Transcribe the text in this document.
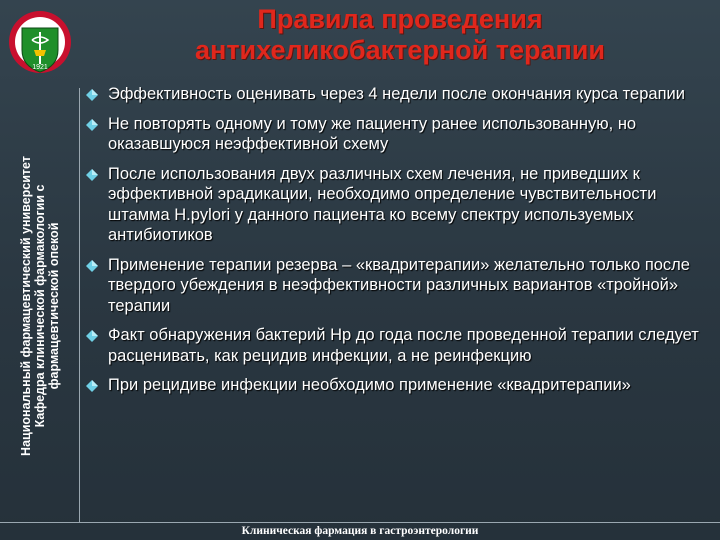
1921
Национальный фармацевтический университет Кафедра клинической фармакологии с фармацевтической опекой
Правила проведения
антихеликобактерной терапии
Эффективность оценивать через 4 недели после окончания курса терапии
Не повторять одному и тому же пациенту ранее использованную, но оказавшуюся неэффективной схему
После использования двух различных схем лечения, не приведших к эффективной эрадикации, необходимо определение чувствительности штамма H.pylori у данного пациента ко всему спектру используемых антибиотиков
Применение терапии резерва – «квадритерапии» желательно только после твердого убеждения в неэффективности различных вариантов «тройной» терапии
Факт обнаружения бактерий Hp до года после проведенной терапии следует расценивать, как рецидив инфекции, а не реинфекцию
При рецидиве инфекции необходимо применение «квадритерапии»
Клиническая фармация в гастроэнтерологии
